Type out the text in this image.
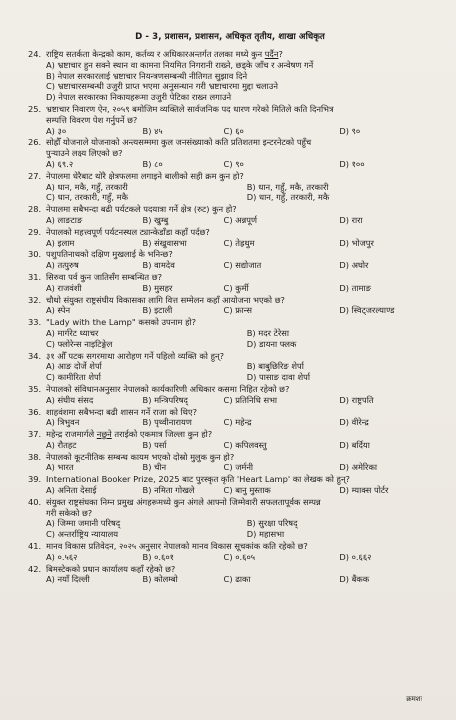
D - 3, प्रशासन, प्रशासन, अधिकृत तृतीय, शाखा अधिकृत
24. राष्ट्रिय सतर्कता केन्द्रको काम, कर्तव्य र अधिकारअन्तर्गत तलका मध्ये कुन पर्दैन?
A) भ्रष्टाचार हुन सक्ने स्थान वा कामना नियमित निगरानी राख्ने, छड्के जाँच र अन्वेषण गर्ने
B) नेपाल सरकारलाई भ्रष्टाचार नियन्त्रणसम्बन्धी नीतिगत सुझाव दिने
C) भ्रष्टाचारसम्बन्धी उजुरी प्राप्त भएमा अनुसन्धान गरी भ्रष्टाचारमा मुद्दा चलाउने
D) नेपाल सरकारका निकायहरूमा उजुरी पेटिका राख्न लगाउने
25. भ्रष्टाचार निवारण ऐन, २०५९ बमोजिम व्यक्तिले सार्वजनिक पद धारण गरेको मितिले कति दिनभित्र
सम्पत्ति विवरण पेश गर्नुपर्ने छ?
A) ३०	B) ४५	C) ६०	D) ९०
26. सोह्रौँ योजनाले योजनाको अन्त्यसम्ममा कुल जनसंख्याको कति प्रतिशतमा इन्टरनेटको पहुँच
पुर्‍याउने लक्ष्य लिएको छ?
A) ६९.२	B) ८०	C) ९०	D) १००
27. नेपालमा धेरैबाट थोरै क्षेत्रफलमा लगाइने बालीको सही क्रम कुन हो?
A) धान, मकै, गहुँ, तरकारी	B) धान, गहुँ, मकै, तरकारी
C) धान, तरकारी, गहुँ, मकै	D) धान, गहुँ, तरकारी, मकै
28. नेपालमा सबैभन्दा बढी पर्यटकले पदयात्रा गर्ने क्षेत्र (रुट) कुन हो?
A) लाङटाङ	B) खुम्बु	C) अन्नपूर्ण	D) रारा
29. नेपालको महत्त्वपूर्ण पर्यटनस्थल ट्यान्केडाँडा कहाँ पर्दछ?
A) इलाम	B) संखुवासभा	C) तेह्रथुम	D) भोजपुर
30. पशुपतिनाथको दक्षिण मुखलाई के भनिन्छ?
A) तत्पुरुष	B) वामदेव	C) सद्योजात	D) अघोर
31. सिरुवा पर्व कुन जातिसँग सम्बन्धित छ?
A) राजवंशी	B) मुसहर	C) कुर्मी	D) तामाङ
32. चौथो संयुक्त राष्ट्रसंघीय विकासका लागि वित्त सम्मेलन कहाँ आयोजना भएको छ?
A) स्पेन	B) इटाली	C) फ्रान्स	D) स्विट्जरल्याण्ड
33. "Lady with the Lamp" कसको उपनाम हो?
A) मार्गरेट थ्याचर	B) मदर टेरेसा
C) फ्लोरेन्स नाइटिङ्गेल	D) डायना फ्लक
34. ३१ औँ पटक सगरमाथा आरोहण गर्ने पहिलो व्यक्ति को हुन्?
A) आङ दोर्जे शेर्पा	B) बाबुछिरिङ शेर्पा
C) कामीरिता शेर्पा	D) पासाङ दावा शेर्पा
35. नेपालको संविधानअनुसार नेपालको कार्यकारिणी अधिकार कसमा निहित रहेको छ?
A) संघीय संसद	B) मन्त्रिपरिषद्	C) प्रतिनिधि सभा	D) राष्ट्रपति
36. शाहवंशमा सबैभन्दा बढी शासन गर्ने राजा को थिए?
A) त्रिभुवन	B) पृथ्वीनारायण	C) महेन्द्र	D) वीरेन्द्र
37. महेन्द्र राजमार्गले नछुने तराईको एकमात्र जिल्ला कुन हो?
A) रौतहट	B) पर्सा	C) कपिलवस्तु	D) बर्दिया
38. नेपालको कूटनीतिक सम्बन्ध कायम भएको दोस्रो मुलुक कुन हो?
A) भारत	B) चीन	C) जर्मनी	D) अमेरिका
39. International Booker Prize, 2025 बाट पुरस्कृत कृति 'Heart Lamp' का लेखक को हुन्?
A) अनिता देसाई	B) नमिता गोखले	C) बानु मुस्ताक	D) म्याक्स पोर्टर
40. संयुक्त राष्ट्रसंघका निम्न प्रमुख अंगहरूमध्ये कुन अंगले आफ्नो जिम्मेवारी सफलतापूर्वक सम्पन्न
गरी सकेको छ?
A) जिम्मा जमानी परिषद्	B) सुरक्षा परिषद्
C) अन्तर्राष्ट्रिय न्यायालय	D) महासभा
41. मानव विकास प्रतिवेदन, २०२५ अनुसार नेपालको मानव विकास सूचकांक कति रहेको छ?
A) ०.५६२	B) ०.६०१	C) ०.६०५	D) ०.६६२
42. बिमस्टेकको प्रधान कार्यालय कहाँ रहेको छ?
A) नयाँ दिल्ली	B) कोलम्बो	C) ढाका	D) बैंकक
क्रमशः
